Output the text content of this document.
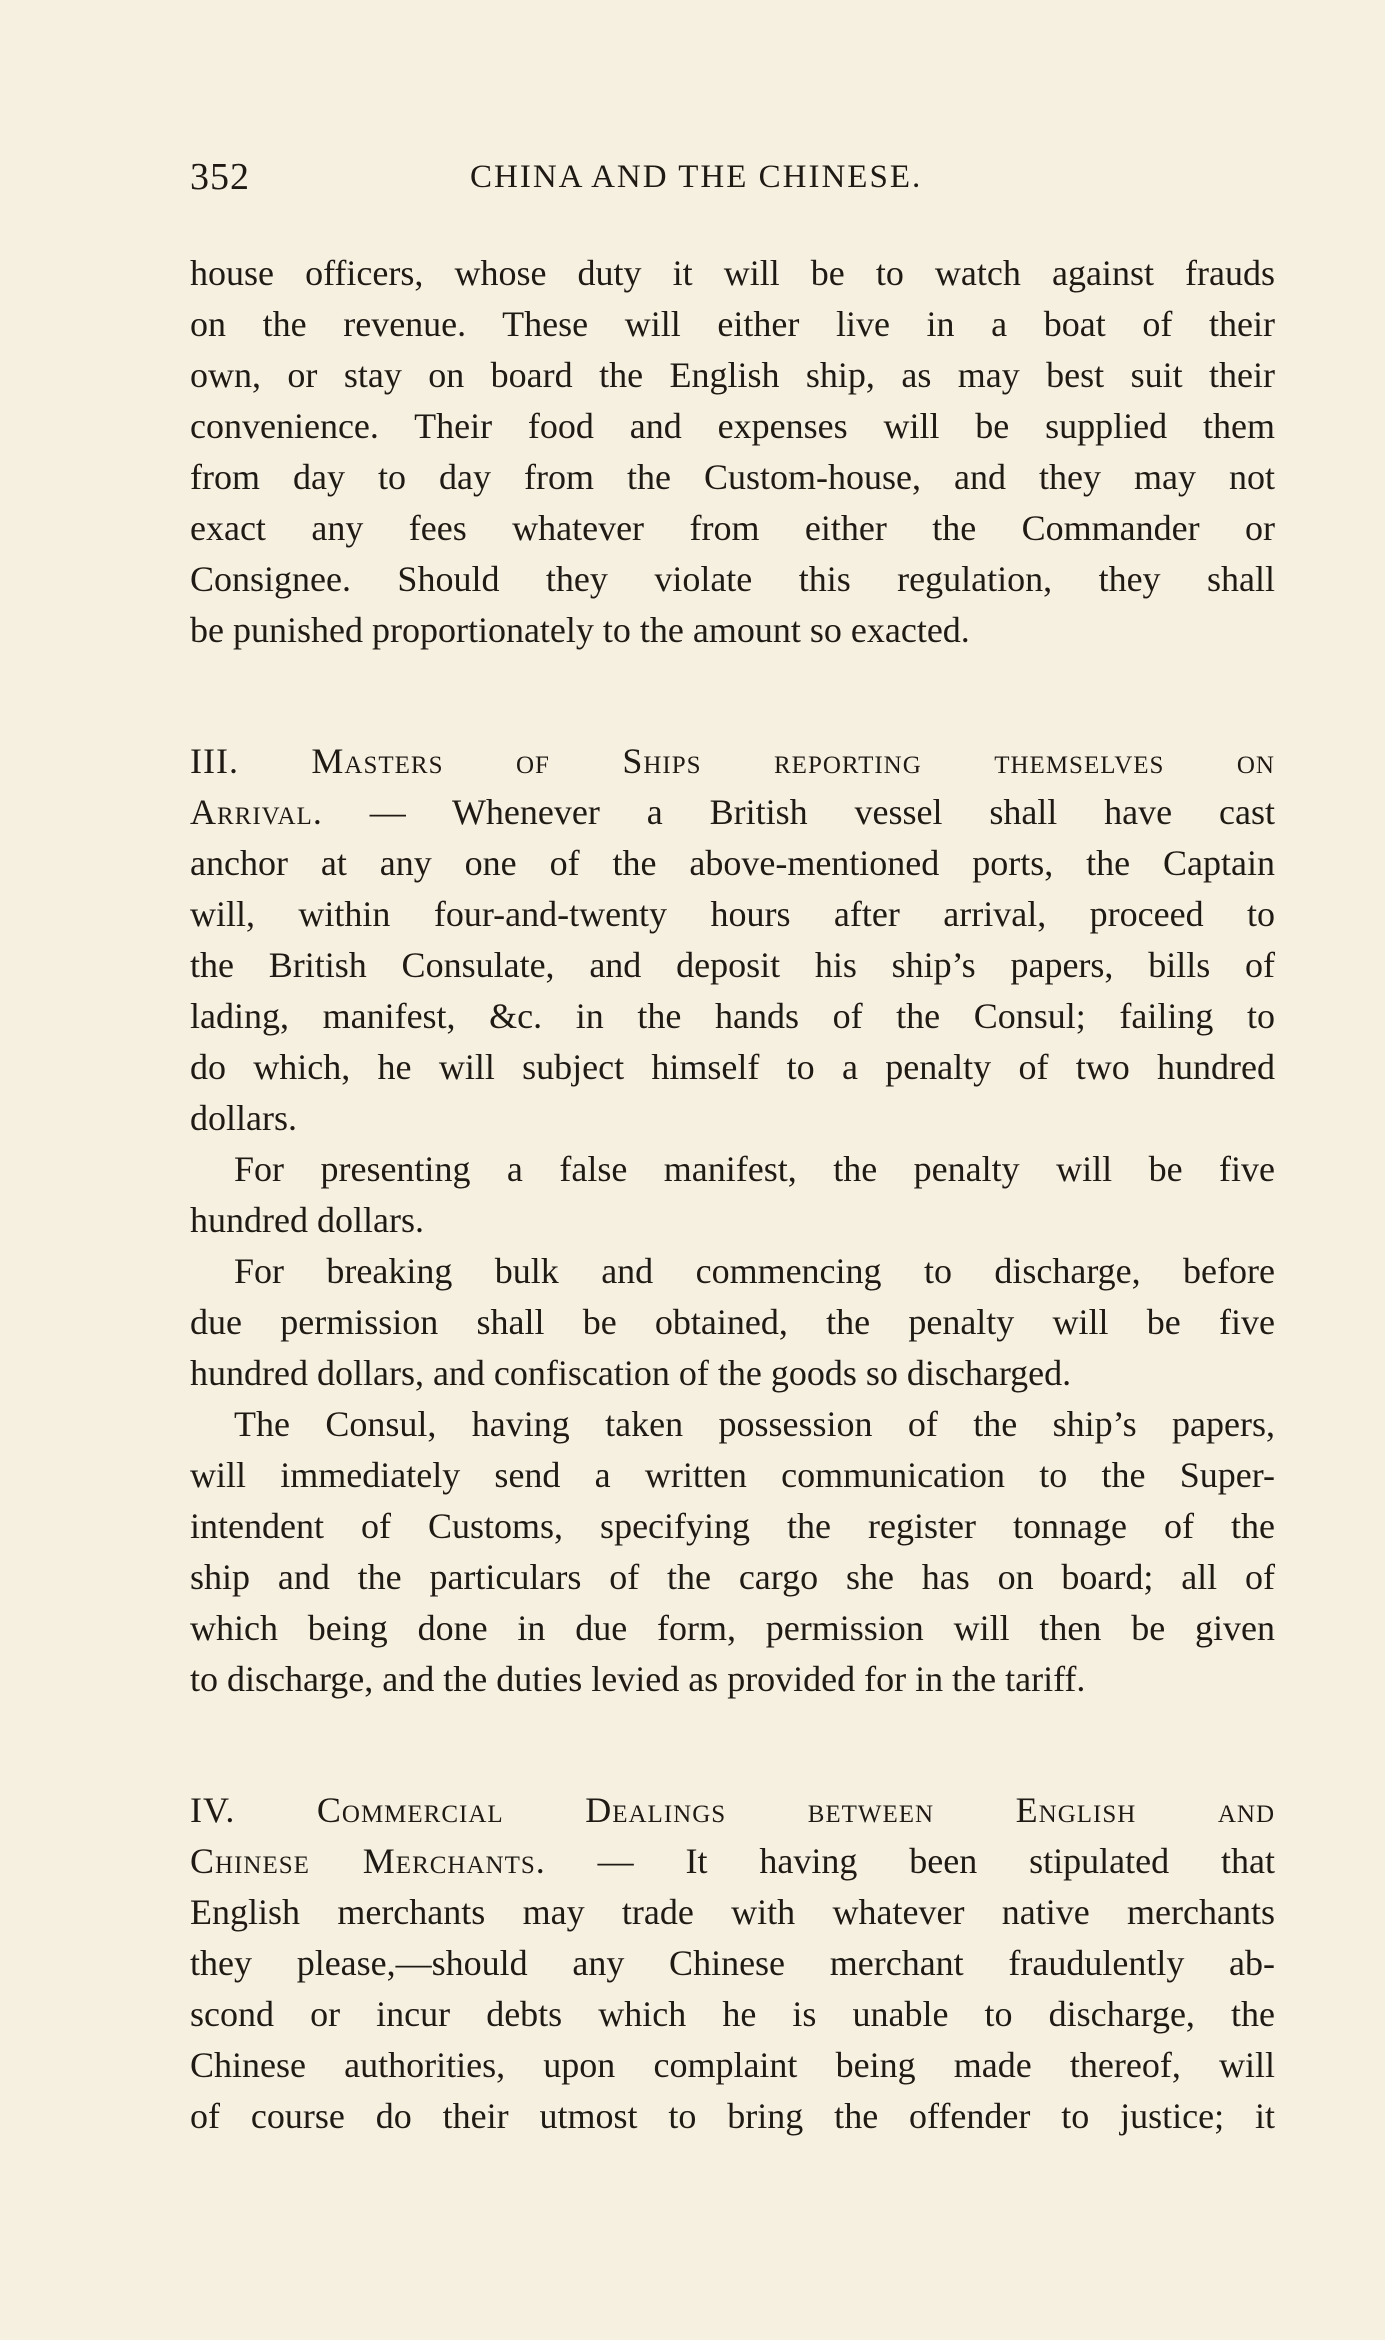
352	CHINA AND THE CHINESE.
house officers, whose duty it will be to watch against frauds
on the revenue. These will either live in a boat of their
own, or stay on board the English ship, as may best suit their
convenience. Their food and expenses will be supplied them
from day to day from the Custom-house, and they may not
exact any fees whatever from either the Commander or
Consignee. Should they violate this regulation, they shall
be punished proportionately to the amount so exacted.
III. Masters of Ships reporting themselves on
Arrival. — Whenever a British vessel shall have cast
anchor at any one of the above-mentioned ports, the Captain
will, within four-and-twenty hours after arrival, proceed to
the British Consulate, and deposit his ship’s papers, bills of
lading, manifest, &c. in the hands of the Consul; failing to
do which, he will subject himself to a penalty of two hundred
dollars.
For presenting a false manifest, the penalty will be five
hundred dollars.
For breaking bulk and commencing to discharge, before
due permission shall be obtained, the penalty will be five
hundred dollars, and confiscation of the goods so discharged.
The Consul, having taken possession of the ship’s papers,
will immediately send a written communication to the Super-
intendent of Customs, specifying the register tonnage of the
ship and the particulars of the cargo she has on board; all of
which being done in due form, permission will then be given
to discharge, and the duties levied as provided for in the tariff.
IV. Commercial Dealings between English and
Chinese Merchants. — It having been stipulated that
English merchants may trade with whatever native merchants
they please,—should any Chinese merchant fraudulently ab-
scond or incur debts which he is unable to discharge, the
Chinese authorities, upon complaint being made thereof, will
of course do their utmost to bring the offender to justice; it
